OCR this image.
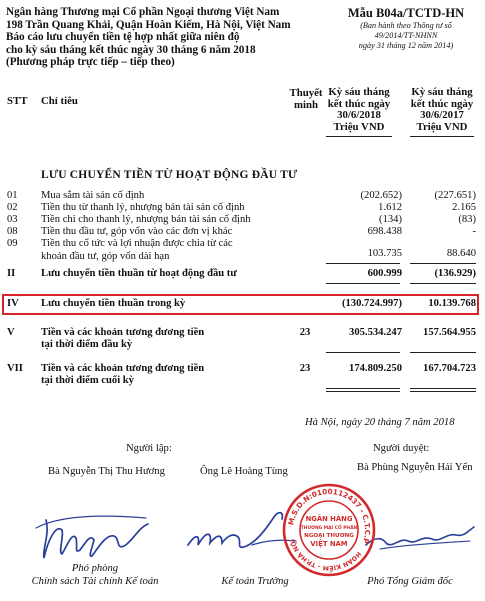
Ngân hàng Thương mại Cổ phần Ngoại thương Việt Nam
198 Trần Quang Khải, Quận Hoàn Kiếm, Hà Nội, Việt Nam
Báo cáo lưu chuyển tiền tệ hợp nhất giữa niên độ
cho kỳ sáu tháng kết thúc ngày 30 tháng 6 năm 2018
(Phương pháp trực tiếp – tiếp theo)
Mẫu B04a/TCTD-HN
(Ban hành theo Thông tư số
49/2014/TT-NHNN
ngày 31 tháng 12 năm 2014)
STT Chỉ tiêu
Thuyết
minh
Kỳ sáu tháng
kết thúc ngày
30/6/2018
Triệu VND
Kỳ sáu tháng
kết thúc ngày
30/6/2017
Triệu VND
LƯU CHUYỂN TIỀN TỪ HOẠT ĐỘNG ĐẦU TƯ
01 Mua sắm tài sản cố định	(202.652)	(227.651)
02 Tiền thu từ thanh lý, nhượng bán tài sản cố định	1.612	2.165
03 Tiền chi cho thanh lý, nhượng bán tài sản cố định	(134)	(83)
08 Tiền thu đầu tư, góp vốn vào các đơn vị khác	698.438	-
09 Tiền thu cổ tức và lợi nhuận được chia từ các
khoản đầu tư, góp vốn dài hạn	103.735	88.640
II Lưu chuyển tiền thuần từ hoạt động đầu tư	600.999	(136.929)
IV Lưu chuyển tiền thuần trong kỳ	(130.724.997)	10.139.768
V Tiền và các khoản tương đương tiền	23	305.534.247	157.564.955
tại thời điểm đầu kỳ
VII Tiền và các khoản tương đương tiền	23	174.809.250	167.704.723
tại thời điểm cuối kỳ
Hà Nội, ngày 20 tháng 7 năm 2018
Người lập:	Người duyệt:
Bà Nguyễn Thị Thu Hương	Ông Lê Hoàng Tùng	Bà Phùng Nguyễn Hải Yến
M.S.D.N:0100112437 - C.T.C.P
HOÀN KIẾM - TP.HÀ NỘI
NGÂN HÀNG
THƯƠNG MẠI CỔ PHẦN
NGOẠI THƯƠNG
VIỆT NAM
Phó phòng
Chính sách Tài chính Kế toán	Kế toán Trưởng	Phó Tổng Giám đốc
